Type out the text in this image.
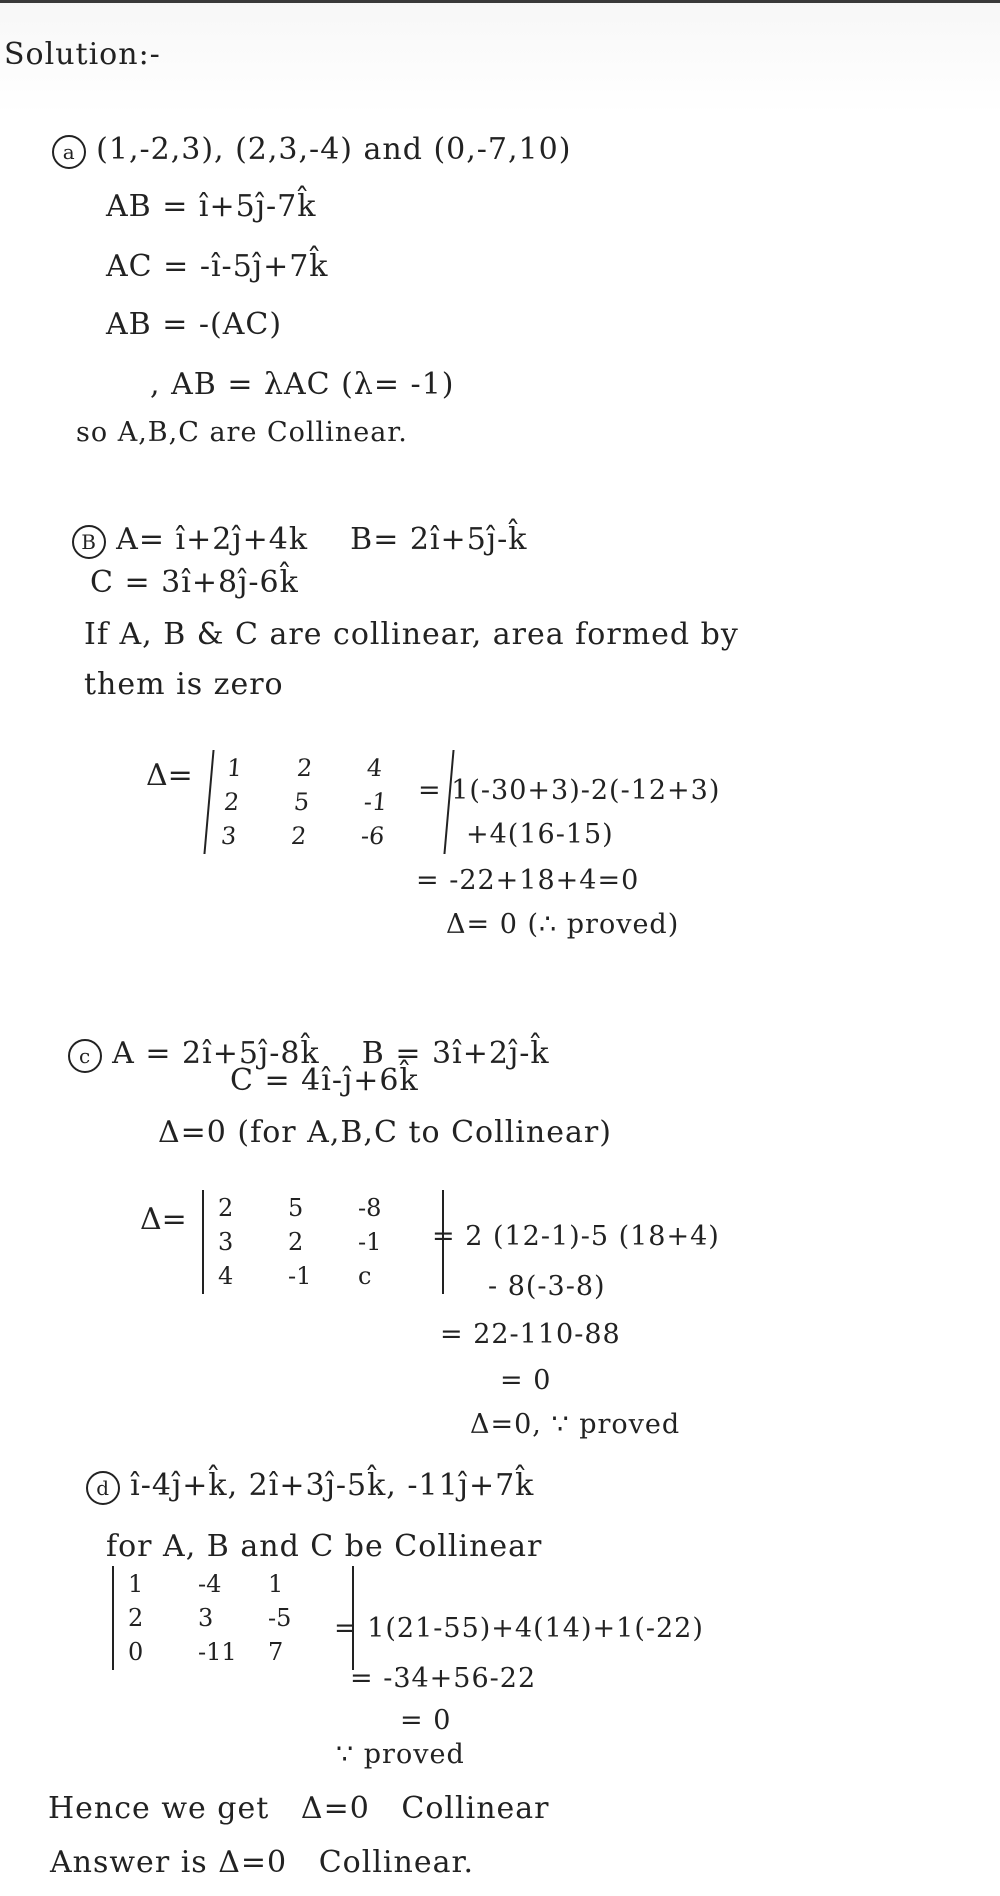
Solution:-

a (1,-2,3), (2,3,-4) and (0,-7,10)

AB = î+5ĵ-7k̂
AC = -î-5ĵ+7k̂
AB = -(AC)
, AB = λAC (λ= -1)
so A,B,C are Collinear.

B A= î+2ĵ+4k    B= 2î+5ĵ-k̂

C = 3î+8ĵ-6k̂
If A, B & C are collinear, area formed by
them is zero
Δ= 1	2	4
2	5	-1
3	2	-6
= 1(-30+3)-2(-12+3)
+4(16-15)
= -22+18+4=0
Δ= 0 (∴ proved)

c A = 2î+5ĵ-8k̂    B = 3î+2ĵ-k̂

C = 4î-ĵ+6k̂
Δ=0 (for A,B,C to Collinear)
Δ= 2	5	-8
3	2	-1
4	-1	c
= 2 (12-1)-5 (18+4)
- 8(-3-8)
= 22-110-88
= 0
Δ=0, ∵ proved

d î-4ĵ+k̂, 2î+3ĵ-5k̂, -11ĵ+7k̂

for A, B and C be Collinear
1	-4	1
2	3	-5
0	-11	7
= 1(21-55)+4(14)+1(-22)
= -34+56-22
= 0
∵ proved
Hence we get   Δ=0   Collinear
Answer is Δ=0   Collinear.
